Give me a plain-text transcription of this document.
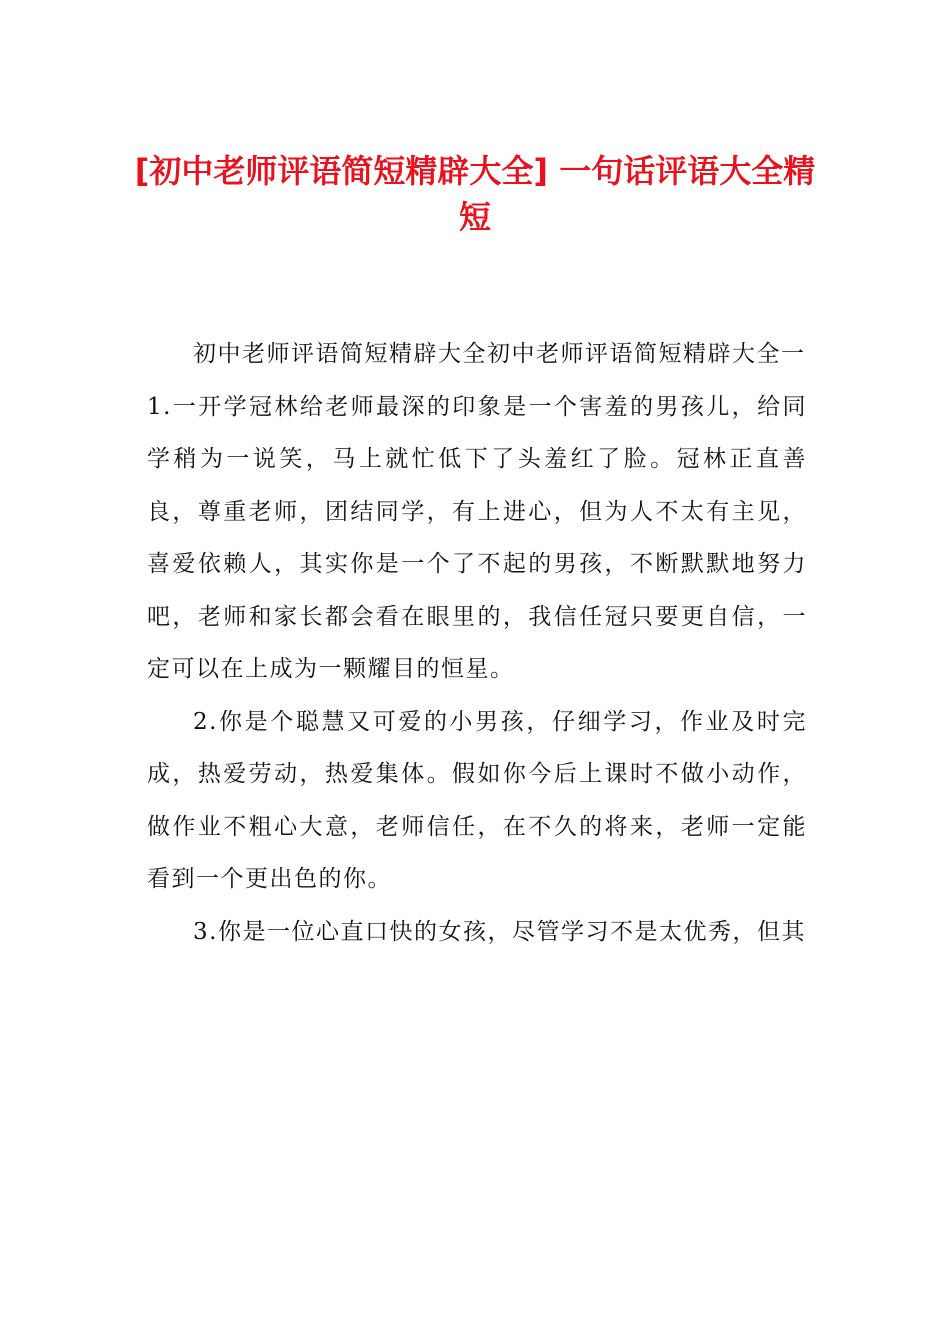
[初中老师评语简短精辟大全] 一句话评语大全精短

初中老师评语简短精辟大全初中老师评语简短精辟大全一

1.一开学冠林给老师最深的印象是一个害羞的男孩儿，给同学稍为一说笑，马上就忙低下了头羞红了脸。冠林正直善良，尊重老师，团结同学，有上进心，但为人不太有主见，喜爱依赖人，其实你是一个了不起的男孩，不断默默地努力吧，老师和家长都会看在眼里的，我信任冠只要更自信，一定可以在上成为一颗耀目的恒星。

2.你是个聪慧又可爱的小男孩，仔细学习，作业及时完成，热爱劳动，热爱集体。假如你今后上课时不做小动作，做作业不粗心大意，老师信任，在不久的将来，老师一定能看到一个更出色的你。

3.你是一位心直口快的女孩，尽管学习不是太优秀，但其
